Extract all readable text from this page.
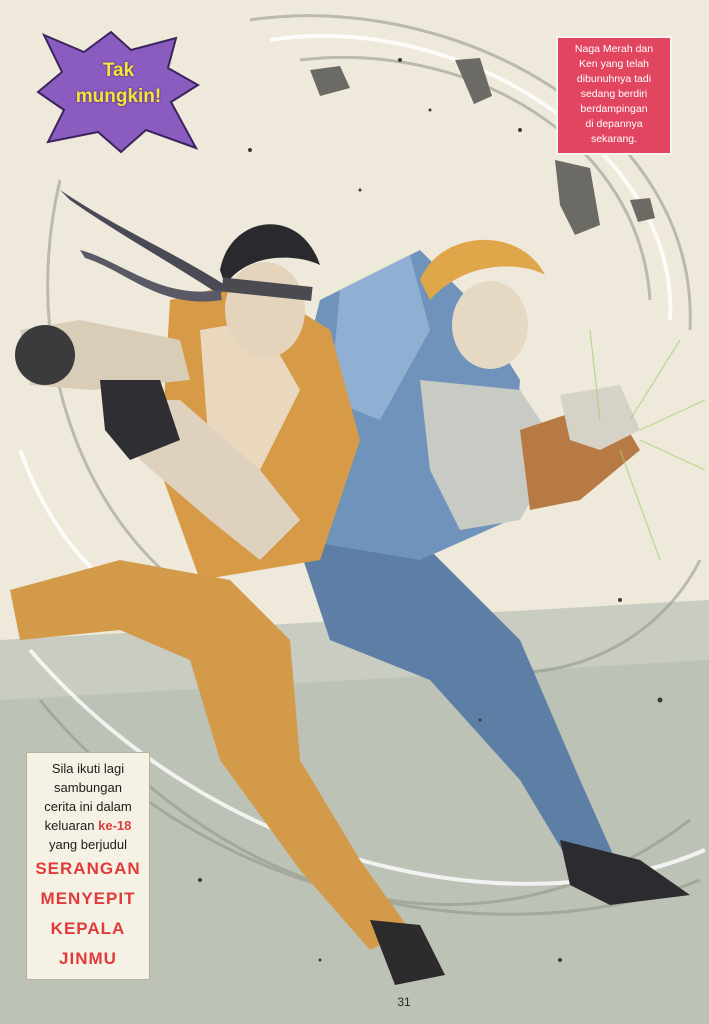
Tak
mungkin!
Naga Merah dan
Ken yang telah
dibunuhnya tadi
sedang berdiri
berdampingan
di depannya
sekarang.
Sila ikuti lagi
sambungan
cerita ini dalam
keluaran ke-18
yang berjudul
SERANGAN
MENYEPIT
KEPALA
JINMU
31
